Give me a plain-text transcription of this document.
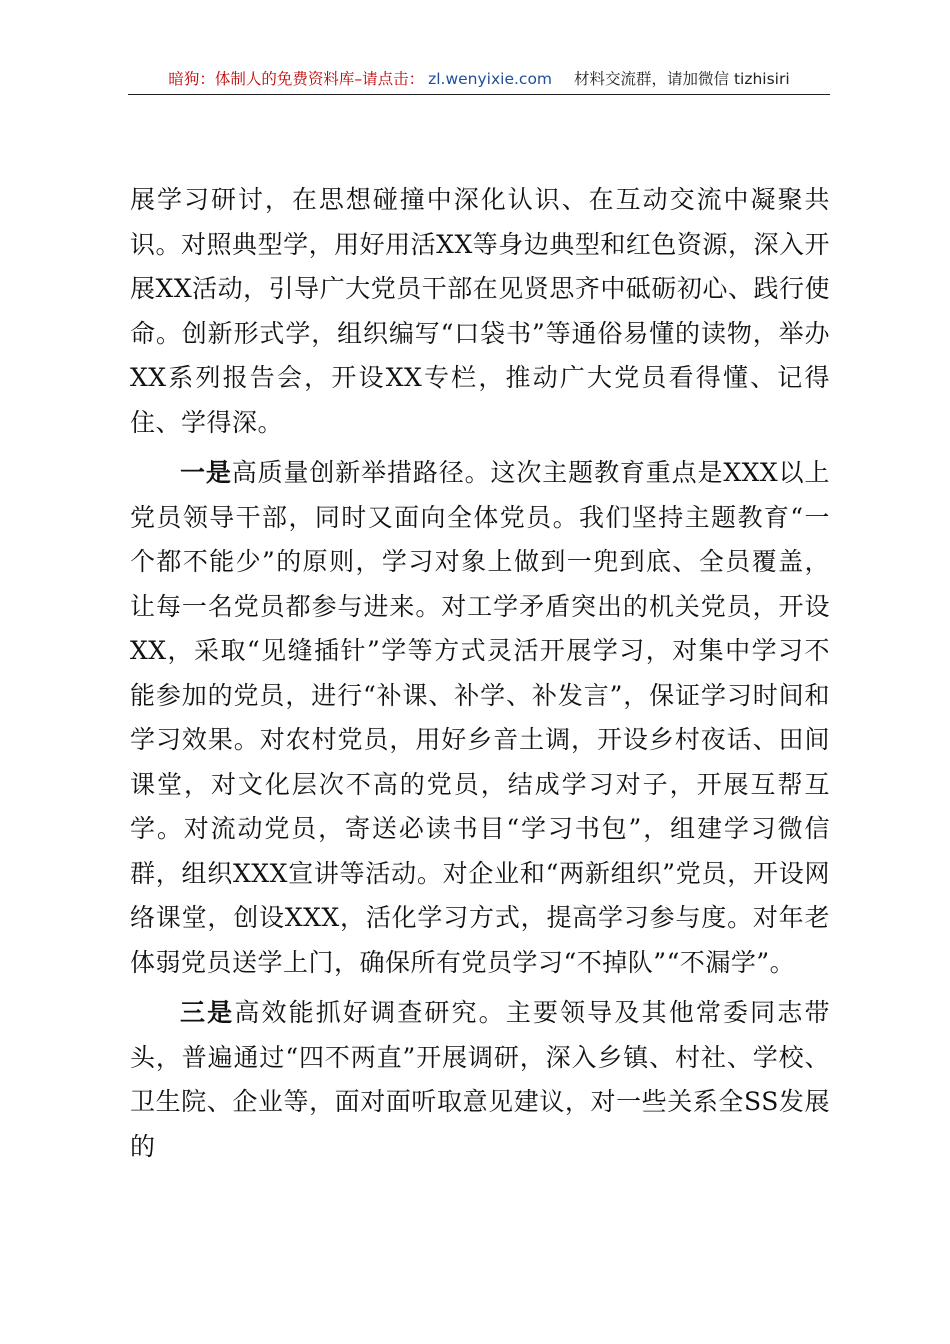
暗狗：体制人的免费资料库–请点击： zl.wenyixie.com 材料交流群，请加微信 tizhisiri

展学习研讨，在思想碰撞中深化认识、在互动交流中凝聚共识。对照典型学，用好用活XX等身边典型和红色资源，深入开展XX活动，引导广大党员干部在见贤思齐中砥砺初心、践行使命。创新形式学，组织编写“口袋书”等通俗易懂的读物，举办XX系列报告会，开设XX专栏，推动广大党员看得懂、记得住、学得深。

一是高质量创新举措路径。这次主题教育重点是XXX以上党员领导干部，同时又面向全体党员。我们坚持主题教育“一个都不能少”的原则，学习对象上做到一兜到底、全员覆盖，让每一名党员都参与进来。对工学矛盾突出的机关党员，开设XX，采取“见缝插针”学等方式灵活开展学习，对集中学习不能参加的党员，进行“补课、补学、补发言”，保证学习时间和学习效果。对农村党员，用好乡音土调，开设乡村夜话、田间课堂，对文化层次不高的党员，结成学习对子，开展互帮互学。对流动党员，寄送必读书目“学习书包”，组建学习微信群，组织XXX宣讲等活动。对企业和“两新组织”党员，开设网络课堂，创设XXX，活化学习方式，提高学习参与度。对年老体弱党员送学上门，确保所有党员学习“不掉队”“不漏学”。

三是高效能抓好调查研究。主要领导及其他常委同志带头，普遍通过“四不两直”开展调研，深入乡镇、村社、学校、卫生院、企业等，面对面听取意见建议，对一些关系全SS发展的
